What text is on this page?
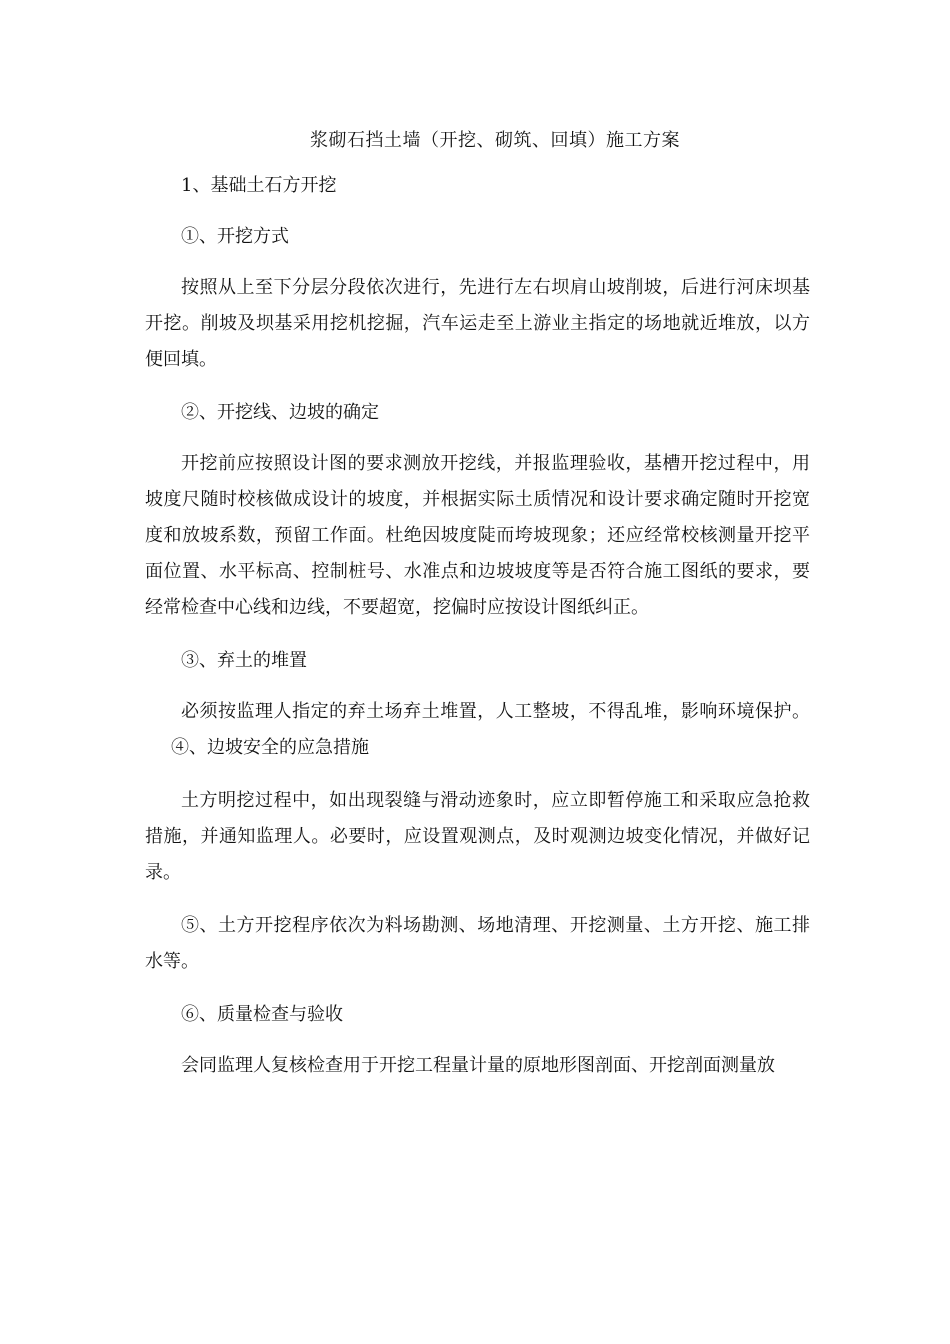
浆砌石挡土墙（开挖、砌筑、回填）施工方案

1、基础土石方开挖

①、开挖方式

按照从上至下分层分段依次进行，先进行左右坝肩山坡削坡，后进行河床坝基开挖。削坡及坝基采用挖机挖掘，汽车运走至上游业主指定的场地就近堆放，以方便回填。

②、开挖线、边坡的确定

开挖前应按照设计图的要求测放开挖线，并报监理验收，基槽开挖过程中，用坡度尺随时校核做成设计的坡度，并根据实际土质情况和设计要求确定随时开挖宽度和放坡系数，预留工作面。杜绝因坡度陡而垮坡现象；还应经常校核测量开挖平面位置、水平标高、控制桩号、水准点和边坡坡度等是否符合施工图纸的要求，要经常检查中心线和边线，不要超宽，挖偏时应按设计图纸纠正。

③、弃土的堆置

必须按监理人指定的弃土场弃土堆置，人工整坡，不得乱堆，影响环境保护。④、边坡安全的应急措施

土方明挖过程中，如出现裂缝与滑动迹象时，应立即暂停施工和采取应急抢救措施，并通知监理人。必要时，应设置观测点，及时观测边坡变化情况，并做好记录。

⑤、土方开挖程序依次为料场勘测、场地清理、开挖测量、土方开挖、施工排水等。

⑥、质量检查与验收

会同监理人复核检查用于开挖工程量计量的原地形图剖面、开挖剖面测量放
